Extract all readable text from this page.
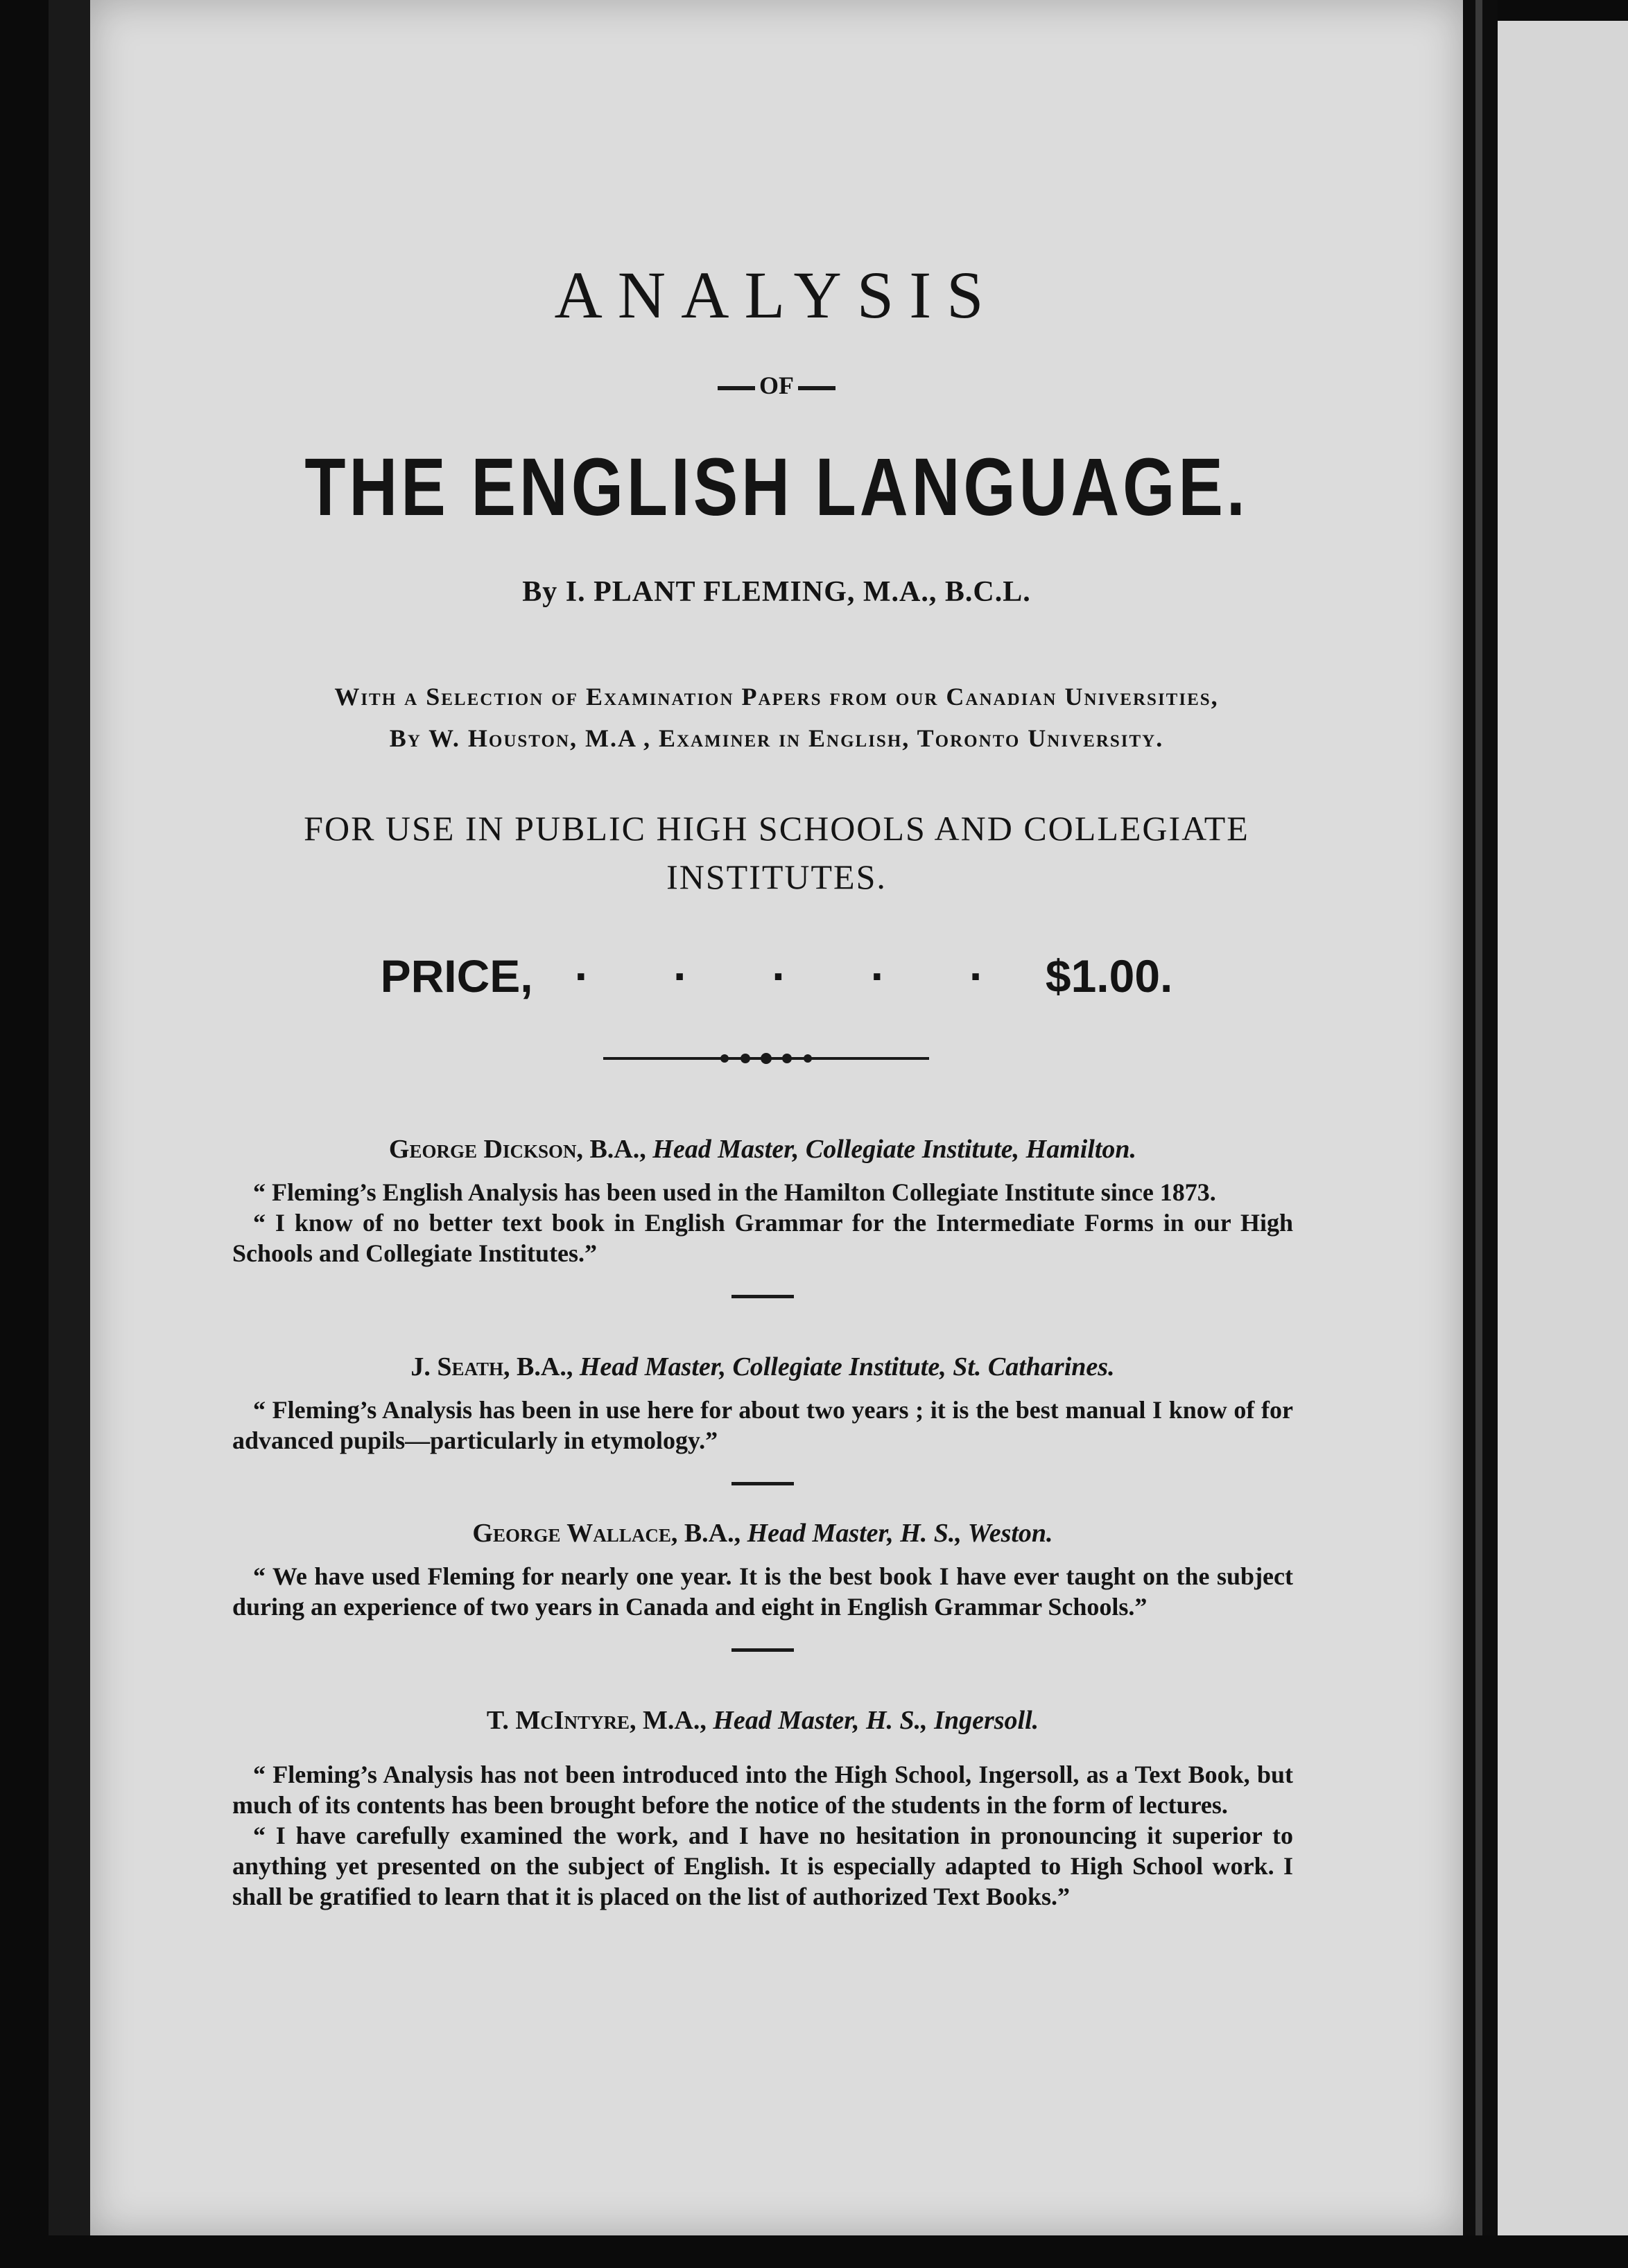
ANALYSIS
OF
THE ENGLISH LANGUAGE.
By I. PLANT FLEMING, M.A., B.C.L.
With a Selection of Examination Papers from our Canadian Universities,
By W. Houston, M.A , Examiner in English, Toronto University.
FOR USE IN PUBLIC HIGH SCHOOLS AND COLLEGIATE
INSTITUTES.
PRICE, · · · · · $1.00.

George Dickson, B.A., Head Master, Collegiate Institute, Hamilton.

“ Fleming’s English Analysis has been used in the Hamilton Collegiate Institute since 1873.

“ I know of no better text book in English Grammar for the Intermediate Forms in our High Schools and Collegiate Institutes.”

J. Seath, B.A., Head Master, Collegiate Institute, St. Catharines.

“ Fleming’s Analysis has been in use here for about two years ; it is the best manual I know of for advanced pupils—particularly in etymology.”

George Wallace, B.A., Head Master, H. S., Weston.

“ We have used Fleming for nearly one year. It is the best book I have ever taught on the subject during an experience of two years in Canada and eight in English Grammar Schools.”

T. McIntyre, M.A., Head Master, H. S., Ingersoll.

“ Fleming’s Analysis has not been introduced into the High School, Ingersoll, as a Text Book, but much of its contents has been brought before the notice of the students in the form of lectures.

“ I have carefully examined the work, and I have no hesitation in pronouncing it superior to anything yet presented on the subject of English. It is especially adapted to High School work. I shall be gratified to learn that it is placed on the list of authorized Text Books.”
